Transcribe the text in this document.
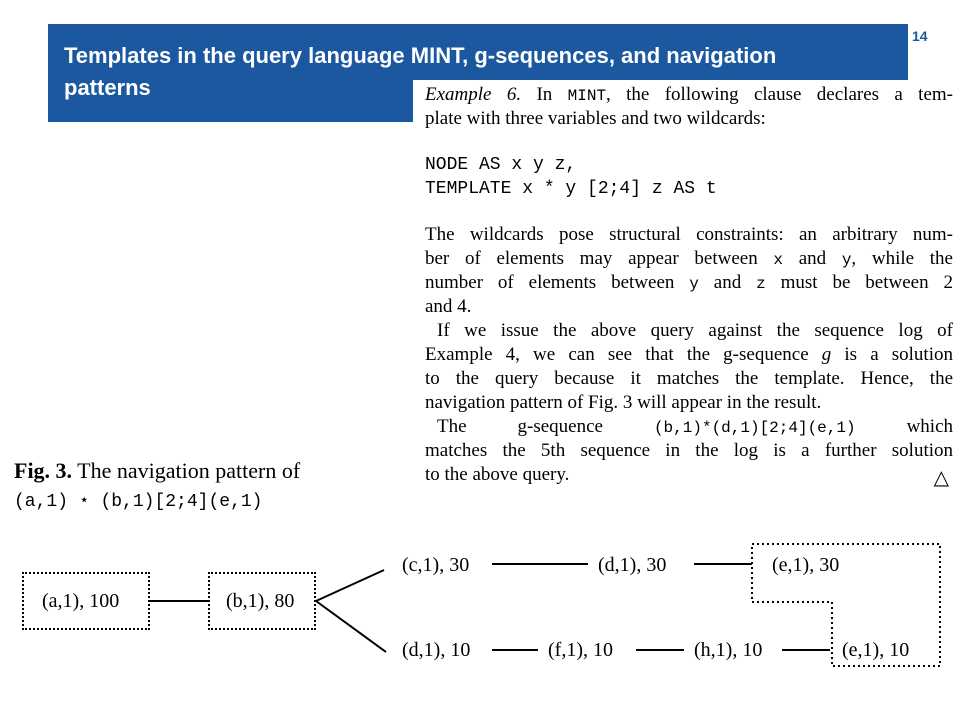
Templates in the query language MINT, g-sequences, and navigation patterns
14
Example 6. In MINT, the following clause declares a tem-
plate with three variables and two wildcards:
NODE AS x y z,
TEMPLATE x * y [2;4] z AS t
The wildcards pose structural constraints: an arbitrary num-
ber of elements may appear between x and y, while the
number of elements between y and z must be between 2
and 4.
If we issue the above query against the sequence log of
Example 4, we can see that the g-sequence g is a solution
to the query because it matches the template. Hence, the
navigation pattern of Fig. 3 will appear in the result.
The g-sequence (b,1)*(d,1)[2;4](e,1) which
matches the 5th sequence in the log is a further solution
to the above query.	△
Fig. 3. The navigation pattern of
(a,1) ⋆ (b,1)[2;4](e,1)
(a,1), 100	(b,1), 80
(c,1), 30	(d,1), 30	(e,1), 30
(d,1), 10	(f,1), 10	(h,1), 10	(e,1), 10
